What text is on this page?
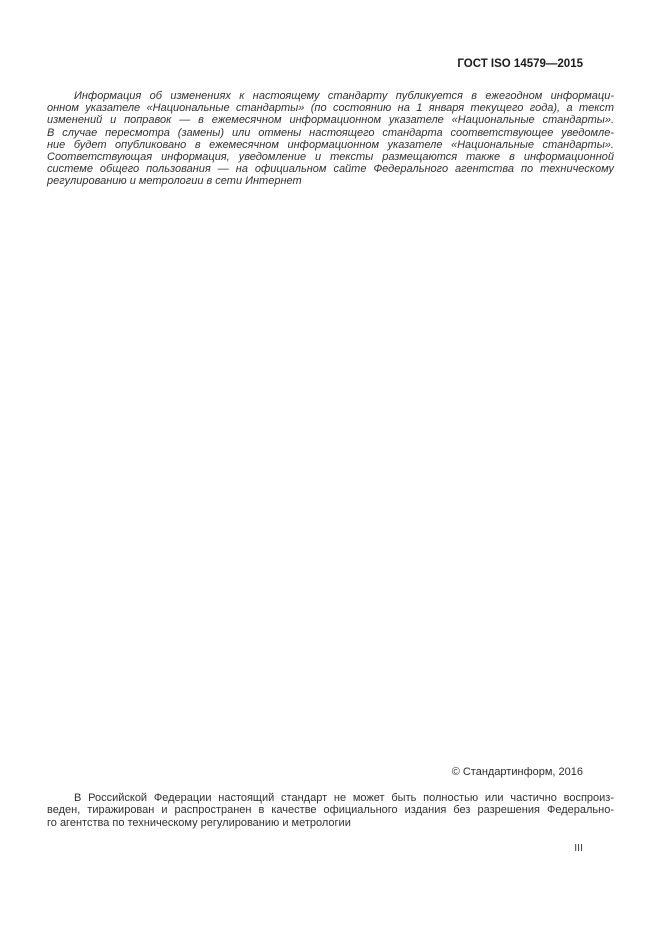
ГОСТ ISO 14579—2015
Информация об изменениях к настоящему стандарту публикуется в ежегодном информаци-
онном указателе «Национальные стандарты» (по состоянию на 1 января текущего года), а текст
изменений и поправок — в ежемесячном информационном указателе «Национальные стандарты».
В случае пересмотра (замены) или отмены настоящего стандарта соответствующее уведомле-
ние будет опубликовано в ежемесячном информационном указателе «Национальные стандарты».
Соответствующая информация, уведомление и тексты размещаются также в информационной
системе общего пользования — на официальном сайте Федерального агентства по техническому
регулированию и метрологии в сети Интернет
© Стандартинформ, 2016
В Российской Федерации настоящий стандарт не может быть полностью или частично воспроиз-
веден, тиражирован и распространен в качестве официального издания без разрешения Федерально-
го агентства по техническому регулированию и метрологии
III
